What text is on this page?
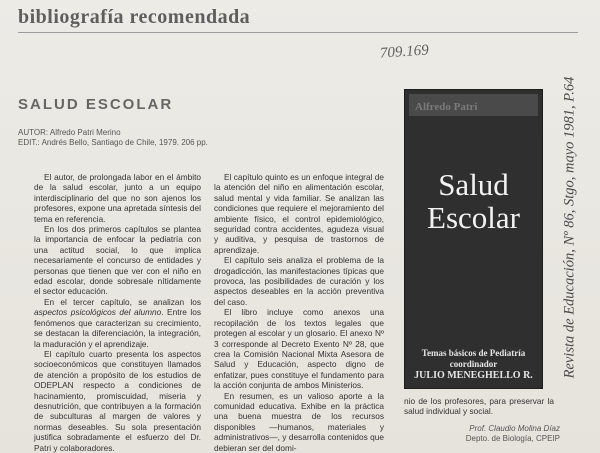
bibliografía recomendada
709.169
Revista de Educación, Nº 86, Stgo, mayo 1981, P.64
SALUD ESCOLAR
AUTOR: Alfredo Patri Merino
EDIT.: Andrés Bello, Santiago de Chile, 1979. 206 pp.

El autor, de prolongada labor en el ámbito de la salud escolar, junto a un equipo interdisciplinario del que no son ajenos los profesores, expone una apretada síntesis del tema en referencia.

En los dos primeros capítulos se plantea la importancia de enfocar la pediatría con una actitud social, lo que implica necesariamente el concurso de entidades y personas que tienen que ver con el niño en edad escolar, donde sobresale nítidamente el sector educación.

En el tercer capítulo, se analizan los aspectos psicológicos del alumno. Entre los fenómenos que caracterizan su crecimiento, se destacan la diferenciación, la integración, la maduración y el aprendizaje.

El capítulo cuarto presenta los aspectos socioeconómicos que constituyen llamados de atención a propósito de los estudios de ODEPLAN respecto a condiciones de hacinamiento, promiscuidad, miseria y desnutrición, que contribuyen a la formación de subculturas al margen de valores y normas deseables. Su sola presentación justifica sobradamente el esfuerzo del Dr. Patri y colaboradores.

El capítulo quinto es un enfoque integral de la atención del niño en alimentación escolar, salud mental y vida familiar. Se analizan las condiciones que requiere el mejoramiento del ambiente físico, el control epidemiológico, seguridad contra accidentes, agudeza visual y auditiva, y pesquisa de trastornos de aprendizaje.

El capítulo seis analiza el problema de la drogadicción, las manifestaciones típicas que provoca, las posibilidades de curación y los aspectos deseables en la acción preventiva del caso.

El libro incluye como anexos una recopilación de los textos legales que protegen al escolar y un glosario. El anexo Nº 3 corresponde al Decreto Exento Nº 28, que crea la Comisión Nacional Mixta Asesora de Salud y Educación, aspecto digno de enfatizar, pues constituye el fundamento para la acción conjunta de ambos Ministerios.

En resumen, es un valioso aporte a la comunidad educativa. Exhibe en la práctica una buena muestra de los recursos disponibles —humanos, materiales y administrativos—, y desarrolla contenidos que debieran ser del domi-

nio de los profesores, para preservar la salud individual y social.

Prof. Claudio Molina Díaz
Depto. de Biología, CPEIP
Alfredo Patri
Salud
Escolar
Temas básicos de Pediatría
coordinador
JULIO MENEGHELLO R.
